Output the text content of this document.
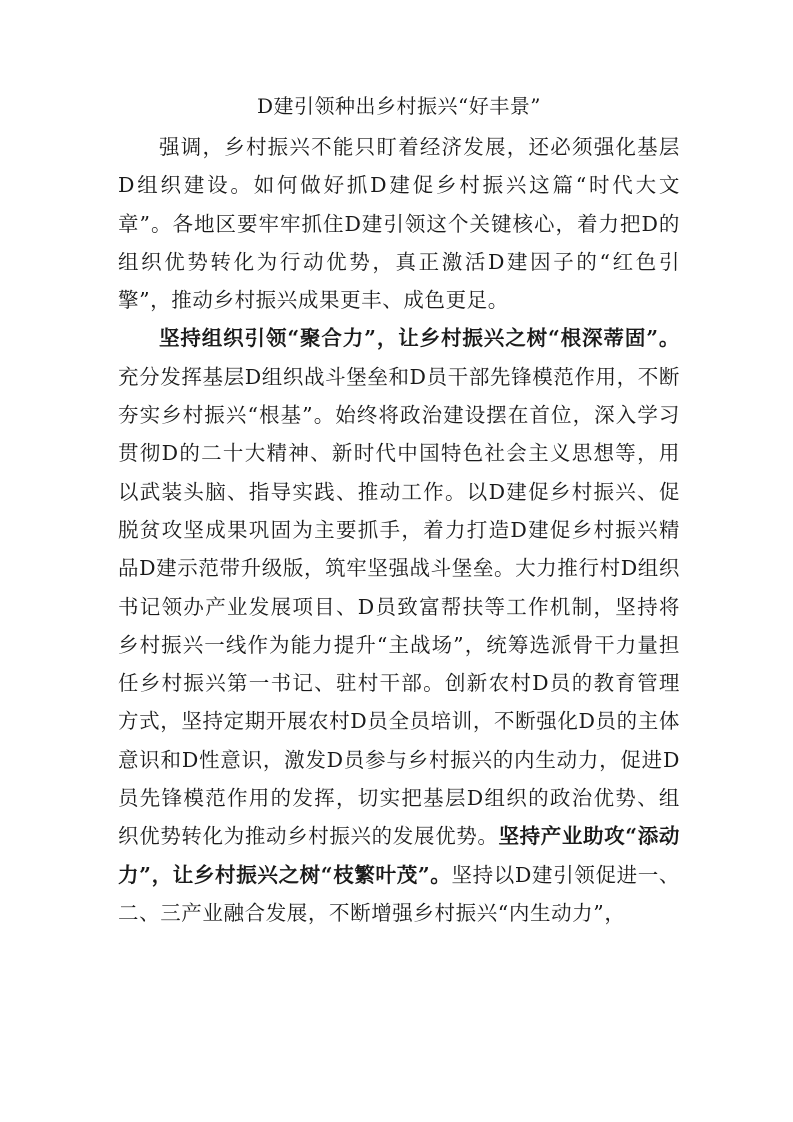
D建引领种出乡村振兴“好丰景”

强调，乡村振兴不能只盯着经济发展，还必须强化基层D组织建设。如何做好抓D建促乡村振兴这篇“时代大文章”。各地区要牢牢抓住D建引领这个关键核心，着力把D的组织优势转化为行动优势，真正激活D建因子的“红色引擎”，推动乡村振兴成果更丰、成色更足。

坚持组织引领“聚合力”，让乡村振兴之树“根深蒂固”。充分发挥基层D组织战斗堡垒和D员干部先锋模范作用，不断夯实乡村振兴“根基”。始终将政治建设摆在首位，深入学习贯彻D的二十大精神、新时代中国特色社会主义思想等，用以武装头脑、指导实践、推动工作。以D建促乡村振兴、促脱贫攻坚成果巩固为主要抓手，着力打造D建促乡村振兴精品D建示范带升级版，筑牢坚强战斗堡垒。大力推行村D组织书记领办产业发展项目、D员致富帮扶等工作机制，坚持将乡村振兴一线作为能力提升“主战场”，统筹选派骨干力量担任乡村振兴第一书记、驻村干部。创新农村D员的教育管理方式，坚持定期开展农村D员全员培训，不断强化D员的主体意识和D性意识，激发D员参与乡村振兴的内生动力，促进D员先锋模范作用的发挥，切实把基层D组织的政治优势、组织优势转化为推动乡村振兴的发展优势。坚持产业助攻“添动力”，让乡村振兴之树“枝繁叶茂”。坚持以D建引领促进一、二、三产业融合发展，不断增强乡村振兴“内生动力”，
